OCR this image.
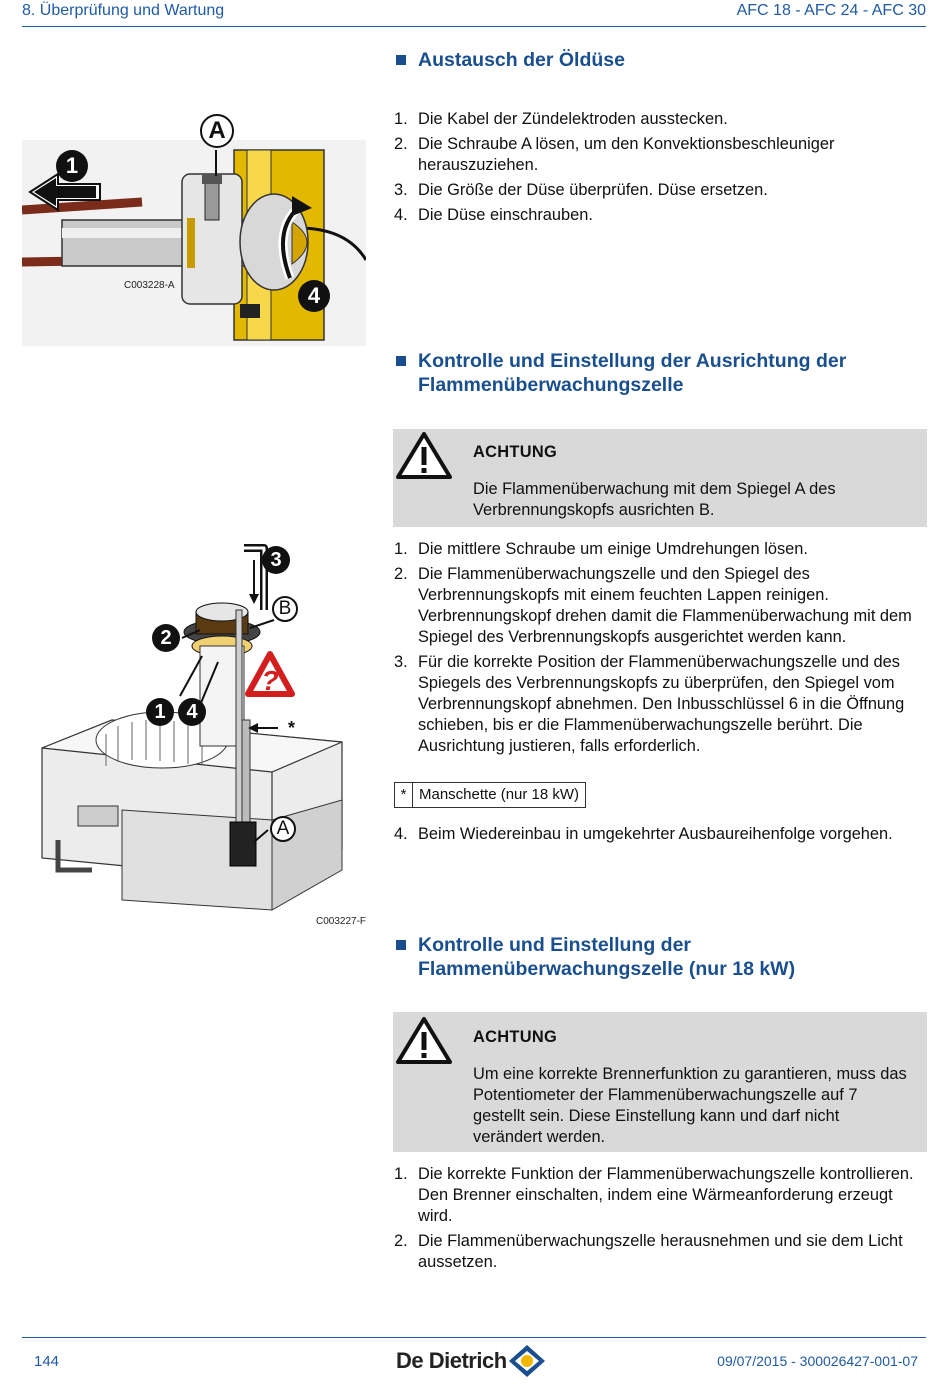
8. Überprüfung und Wartung	AFC 18 - AFC 24 - AFC 30
Austausch der Öldüse
A
1
4
C003228-A
1. Die Kabel der Zündelektroden ausstecken.
2. Die Schraube A lösen, um den Konvektionsbeschleuniger herauszuziehen.
3. Die Größe der Düse überprüfen. Düse ersetzen.
4. Die Düse einschrauben.
Kontrolle und Einstellung der Ausrichtung der
Flammenüberwachungszelle
ACHTUNG
Die Flammenüberwachung mit dem Spiegel A des Verbrennungskopfs ausrichten B.
?
3
B
2
1	4
*
A
C003227-F
1. Die mittlere Schraube um einige Umdrehungen lösen.
2. Die Flammenüberwachungszelle und den Spiegel des Verbrennungskopfs mit einem feuchten Lappen reinigen. Verbrennungskopf drehen damit die Flammenüberwachung mit dem Spiegel des Verbrennungskopfs ausgerichtet werden kann.
3. Für die korrekte Position der Flammenüberwachungszelle und des Spiegels des Verbrennungskopfs zu überprüfen, den Spiegel vom Verbrennungskopf abnehmen. Den Inbusschlüssel 6 in die Öffnung schieben, bis er die Flammenüberwachungszelle berührt. Die Ausrichtung justieren, falls erforderlich.
* Manschette (nur 18 kW)
4. Beim Wiedereinbau in umgekehrter Ausbaureihenfolge vorgehen.
Kontrolle und Einstellung der
Flammenüberwachungszelle (nur 18 kW)
ACHTUNG
Um eine korrekte Brennerfunktion zu garantieren, muss das Potentiometer der Flammenüberwachungszelle auf 7 gestellt sein. Diese Einstellung kann und darf nicht verändert werden.
1. Die korrekte Funktion der Flammenüberwachungszelle kontrollieren.
Den Brenner einschalten, indem eine Wärmeanforderung erzeugt wird.
2. Die Flammenüberwachungszelle herausnehmen und sie dem Licht aussetzen.
144	De Dietrich	09/07/2015 - 300026427-001-07
